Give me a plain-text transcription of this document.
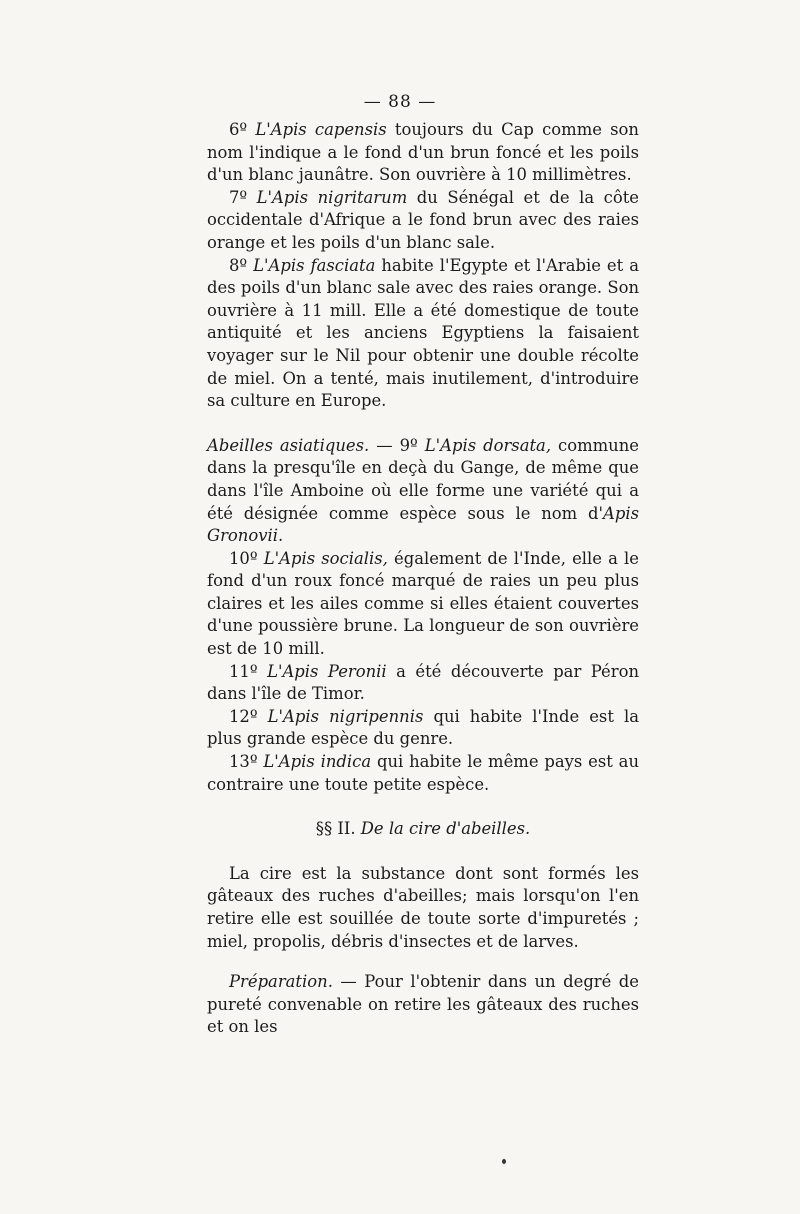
— 88 —

6º L'Apis capensis toujours du Cap comme son nom l'indique a le fond d'un brun foncé et les poils d'un blanc jaunâtre. Son ouvrière à 10 millimètres.

7º L'Apis nigritarum du Sénégal et de la côte occidentale d'Afrique a le fond brun avec des raies orange et les poils d'un blanc sale.

8º L'Apis fasciata habite l'Egypte et l'Arabie et a des poils d'un blanc sale avec des raies orange. Son ouvrière à 11 mill. Elle a été domestique de toute antiquité et les anciens Egyptiens la faisaient voyager sur le Nil pour obtenir une double récolte de miel. On a tenté, mais inutilement, d'introduire sa culture en Europe.

Abeilles asiatiques. — 9º L'Apis dorsata, commune dans la presqu'île en deçà du Gange, de même que dans l'île Amboine où elle forme une variété qui a été désignée comme espèce sous le nom d'Apis Gronovii.

10º L'Apis socialis, également de l'Inde, elle a le fond d'un roux foncé marqué de raies un peu plus claires et les ailes comme si elles étaient couvertes d'une poussière brune. La longueur de son ouvrière est de 10 mill.

11º L'Apis Peronii a été découverte par Péron dans l'île de Timor.

12º L'Apis nigripennis qui habite l'Inde est la plus grande espèce du genre.

13º L'Apis indica qui habite le même pays est au contraire une toute petite espèce.

§§ II. De la cire d'abeilles.

La cire est la substance dont sont formés les gâteaux des ruches d'abeilles; mais lorsqu'on l'en retire elle est souillée de toute sorte d'impuretés ; miel, propolis, débris d'insectes et de larves.

Préparation. — Pour l'obtenir dans un degré de pureté convenable on retire les gâteaux des ruches et on les
